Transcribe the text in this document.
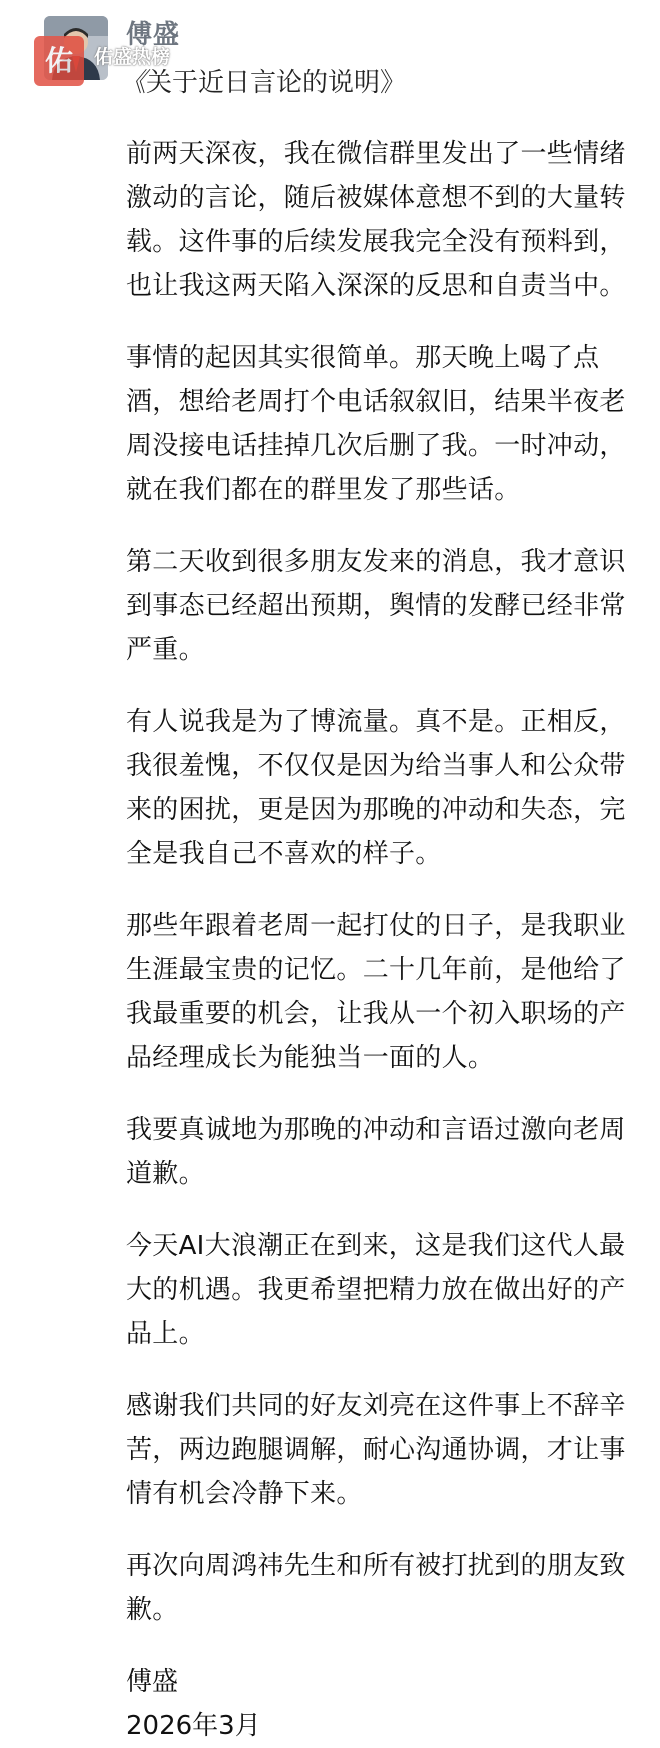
傅盛
佑	佑盛热榜
《关于近日言论的说明》

前两天深夜，我在微信群里发出了一些情绪激动的言论，随后被媒体意想不到的大量转载。这件事的后续发展我完全没有预料到，也让我这两天陷入深深的反思和自责当中。

事情的起因其实很简单。那天晚上喝了点酒，想给老周打个电话叙叙旧，结果半夜老周没接电话挂掉几次后删了我。一时冲动，就在我们都在的群里发了那些话。

第二天收到很多朋友发来的消息，我才意识到事态已经超出预期，舆情的发酵已经非常严重。

有人说我是为了博流量。真不是。正相反，我很羞愧，不仅仅是因为给当事人和公众带来的困扰，更是因为那晚的冲动和失态，完全是我自己不喜欢的样子。

那些年跟着老周一起打仗的日子，是我职业生涯最宝贵的记忆。二十几年前，是他给了我最重要的机会，让我从一个初入职场的产品经理成长为能独当一面的人。

我要真诚地为那晚的冲动和言语过激向老周道歉。

今天AI大浪潮正在到来，这是我们这代人最大的机遇。我更希望把精力放在做出好的产品上。

感谢我们共同的好友刘亮在这件事上不辞辛苦，两边跑腿调解，耐心沟通协调，才让事情有机会冷静下来。

再次向周鸿祎先生和所有被打扰到的朋友致歉。

傅盛

2026年3月
